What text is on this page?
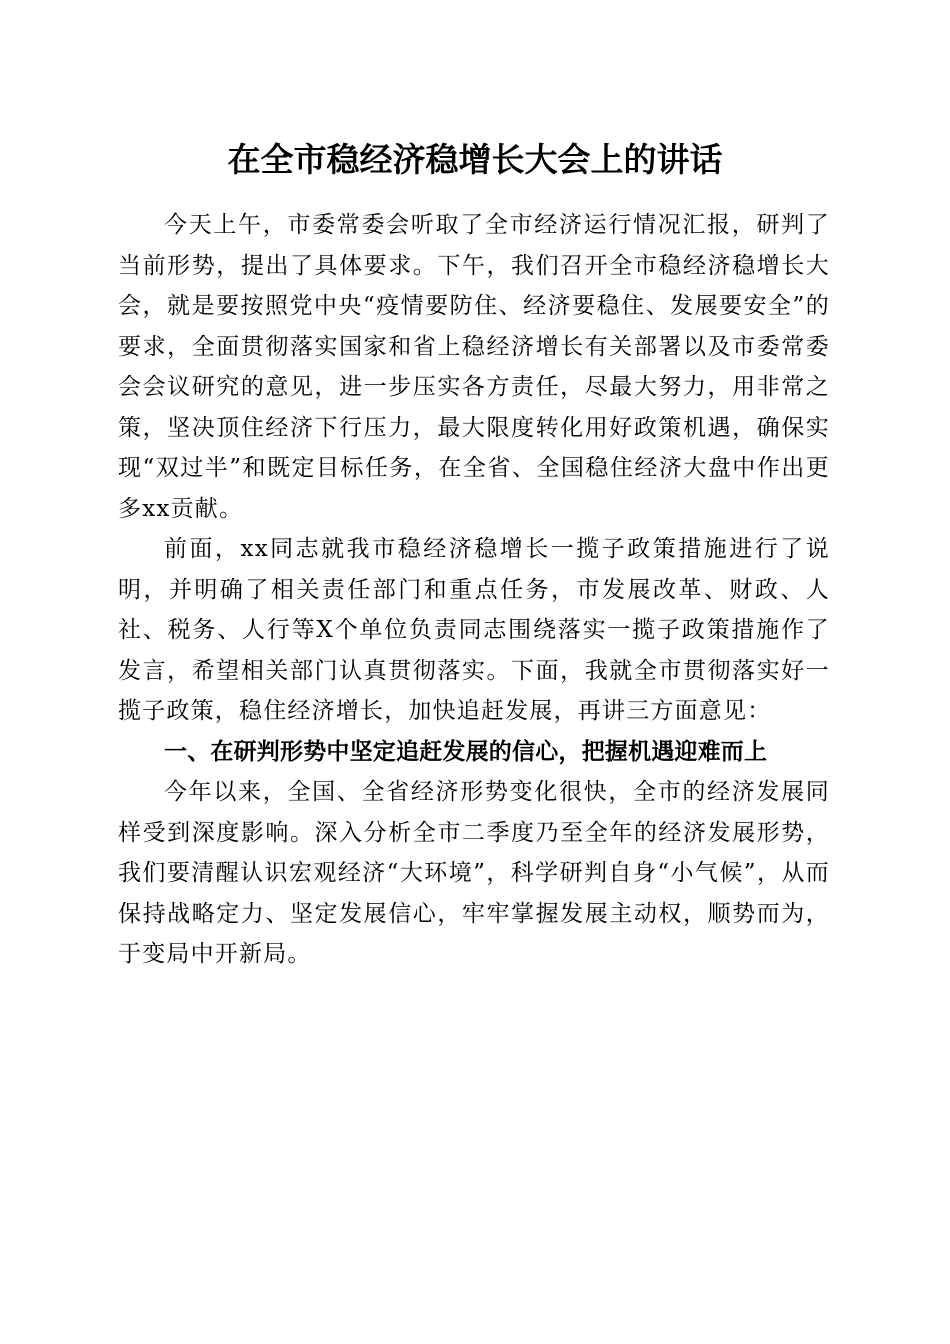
在全市稳经济稳增长大会上的讲话

今天上午，市委常委会听取了全市经济运行情况汇报，研判了当前形势，提出了具体要求。下午，我们召开全市稳经济稳增长大会，就是要按照党中央“疫情要防住、经济要稳住、发展要安全”的要求，全面贯彻落实国家和省上稳经济增长有关部署以及市委常委会会议研究的意见，进一步压实各方责任，尽最大努力，用非常之策，坚决顶住经济下行压力，最大限度转化用好政策机遇，确保实现“双过半”和既定目标任务，在全省、全国稳住经济大盘中作出更多xx贡献。

前面，xx同志就我市稳经济稳增长一揽子政策措施进行了说明，并明确了相关责任部门和重点任务，市发展改革、财政、人社、税务、人行等X个单位负责同志围绕落实一揽子政策措施作了发言，希望相关部门认真贯彻落实。下面，我就全市贯彻落实好一揽子政策，稳住经济增长，加快追赶发展，再讲三方面意见：

一、在研判形势中坚定追赶发展的信心，把握机遇迎难而上

今年以来，全国、全省经济形势变化很快，全市的经济发展同样受到深度影响。深入分析全市二季度乃至全年的经济发展形势，我们要清醒认识宏观经济“大环境”，科学研判自身“小气候”，从而保持战略定力、坚定发展信心，牢牢掌握发展主动权，顺势而为，于变局中开新局。
